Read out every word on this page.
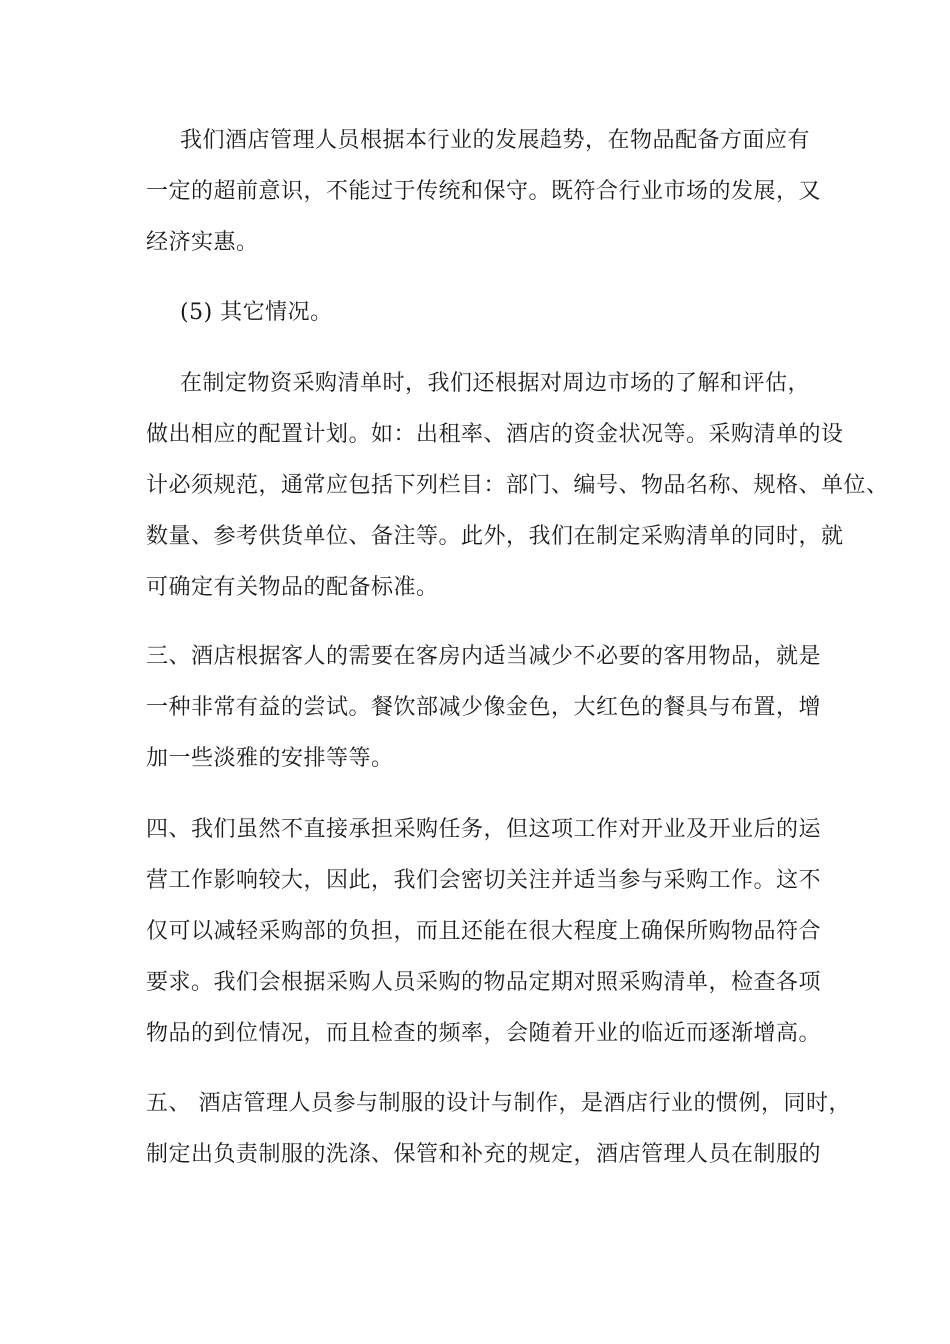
我们酒店管理人员根据本行业的发展趋势，在物品配备方面应有
一定的超前意识，不能过于传统和保守。既符合行业市场的发展，又
经济实惠。
(5) 其它情况。
在制定物资采购清单时，我们还根据对周边市场的了解和评估，
做出相应的配置计划。如：出租率、酒店的资金状况等。采购清单的设
计必须规范，通常应包括下列栏目：部门、编号、物品名称、规格、单位、
数量、参考供货单位、备注等。此外，我们在制定采购清单的同时，就
可确定有关物品的配备标准。
三、酒店根据客人的需要在客房内适当减少不必要的客用物品，就是
一种非常有益的尝试。餐饮部减少像金色，大红色的餐具与布置，增
加一些淡雅的安排等等。
四、我们虽然不直接承担采购任务，但这项工作对开业及开业后的运
营工作影响较大，因此，我们会密切关注并适当参与采购工作。这不
仅可以减轻采购部的负担，而且还能在很大程度上确保所购物品符合
要求。我们会根据采购人员采购的物品定期对照采购清单，检查各项
物品的到位情况，而且检查的频率，会随着开业的临近而逐渐增高。
五、 酒店管理人员参与制服的设计与制作，是酒店行业的惯例，同时，
制定出负责制服的洗涤、保管和补充的规定，酒店管理人员在制服的
